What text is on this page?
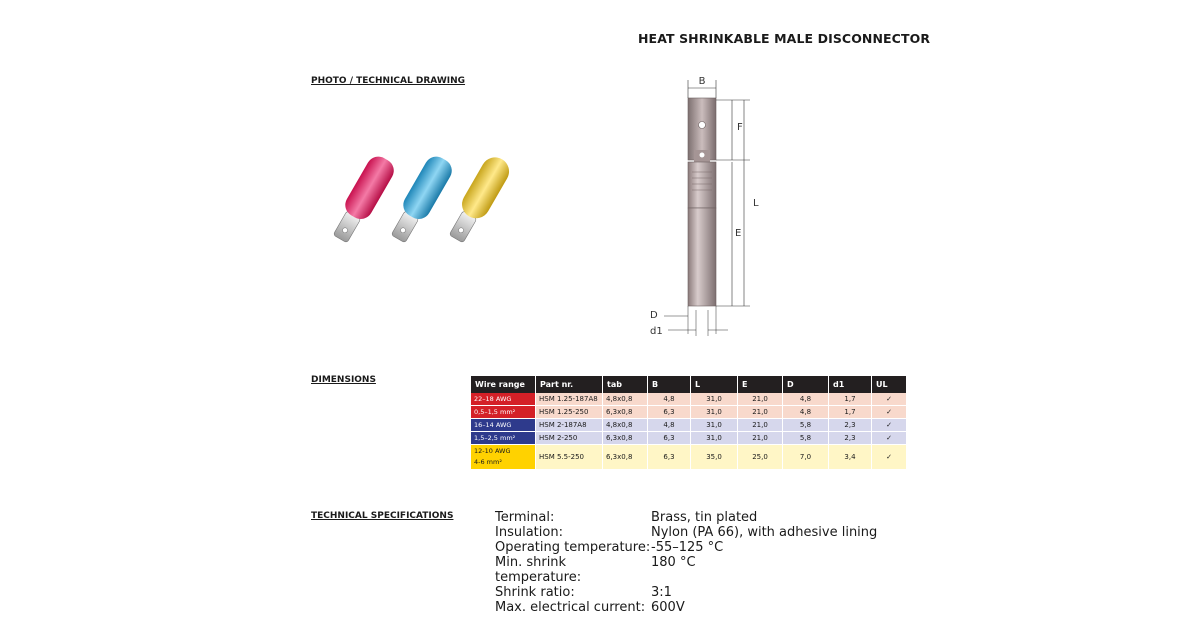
HEAT SHRINKABLE MALE DISCONNECTOR
PHOTO / TECHNICAL DRAWING
DIMENSIONS
TECHNICAL SPECIFICATIONS
B
F
L
E
D
d1
Wire range	Part nr.	tab	B	L	E	D	d1	UL
22–18 AWG	HSM 1.25-187A8	4,8x0,8	4,8	31,0	21,0	4,8	1,7	✓
0,5–1,5 mm²	HSM 1.25-250	6,3x0,8	6,3	31,0	21,0	4,8	1,7	✓
16–14 AWG	HSM 2-187A8	4,8x0,8	4,8	31,0	21,0	5,8	2,3	✓
1,5–2,5 mm²	HSM 2-250	6,3x0,8	6,3	31,0	21,0	5,8	2,3	✓
12-10 AWG
4-6 mm²	HSM 5.5-250	6,3x0,8	6,3	35,0	25,0	7,0	3,4	✓
Terminal:	Brass, tin plated
Insulation:	Nylon (PA 66), with adhesive lining
Operating temperature: -55–125 °C
Min. shrink temperature:
180 °C
Shrink ratio:	3:1
Max. electrical current: 600V
